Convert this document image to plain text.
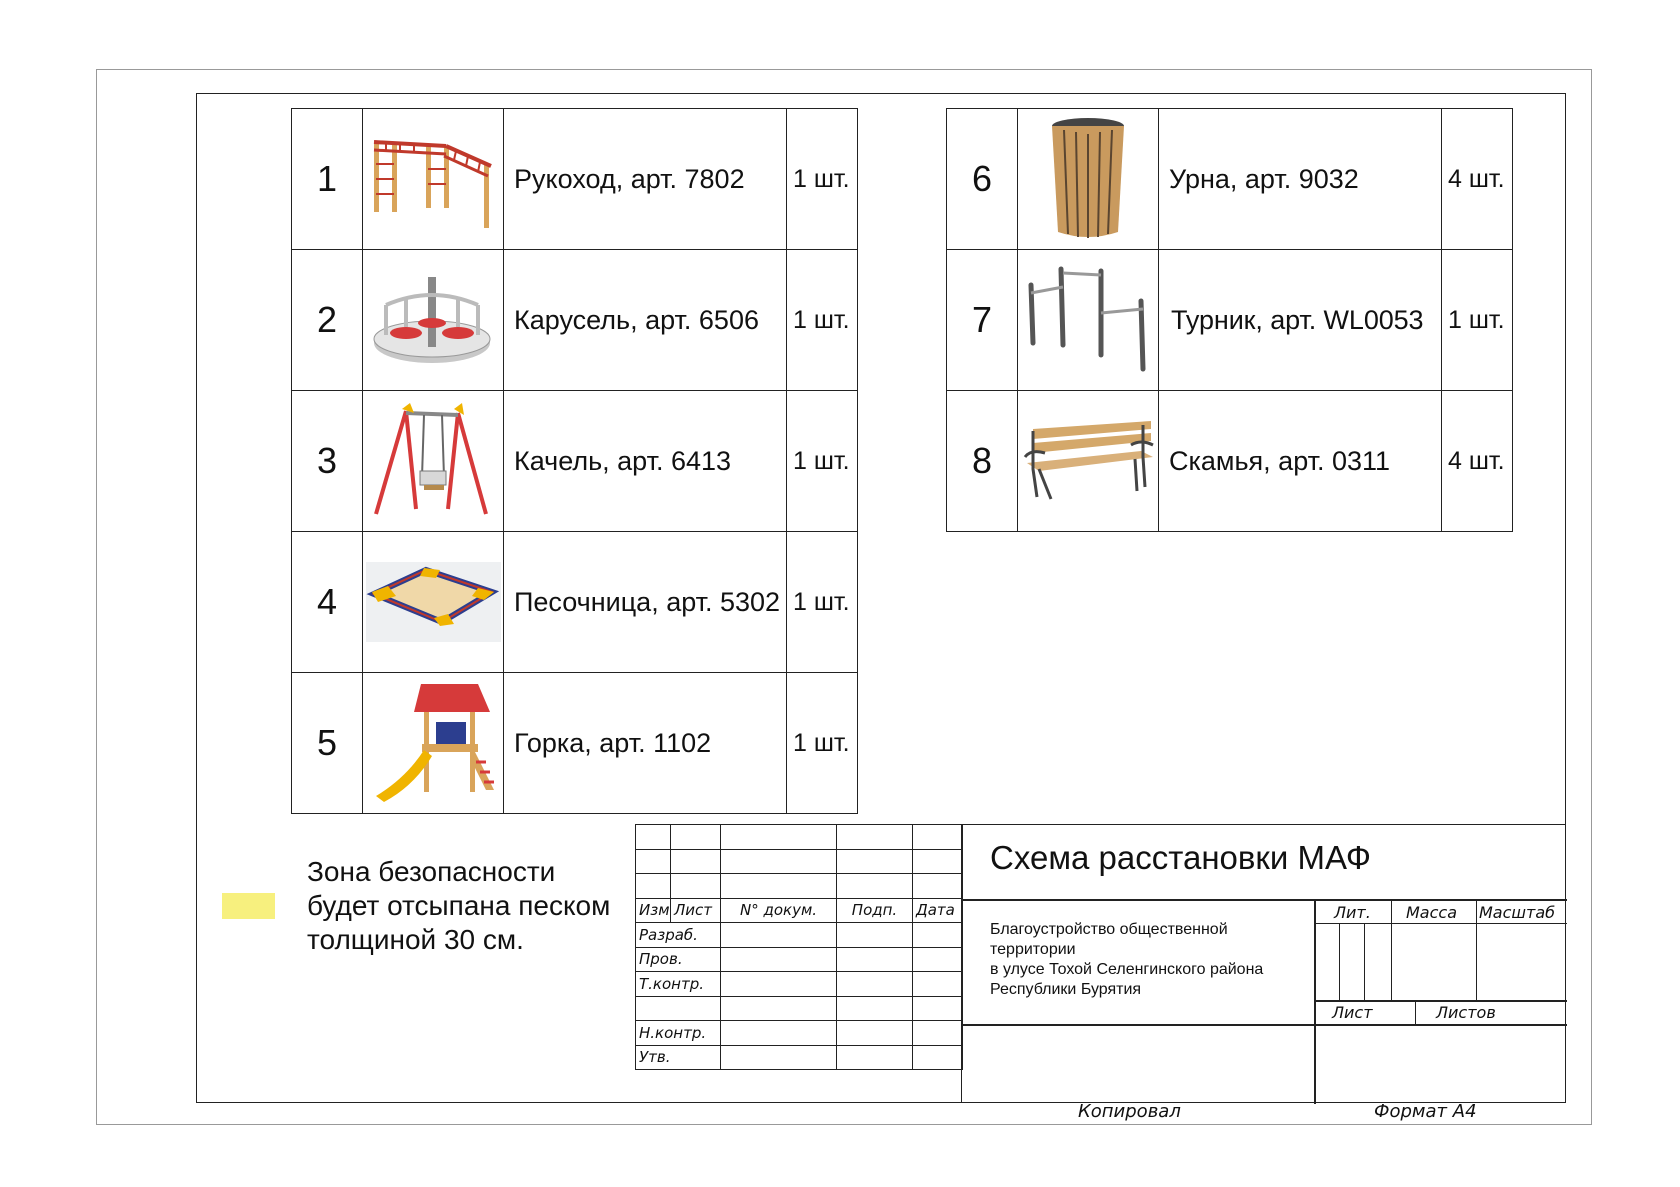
1		Рукоход, арт. 7802	1 шт.
2		Карусель, арт. 6506	1 шт.
3		Качель, арт. 6413	1 шт.
4		Песочница, арт. 5302	1 шт.
5		Горка, арт. 1102	1 шт.
6		Урна, арт. 9032	4 шт.
7		Турник, арт. WL0053	1 шт.
8		Скамья, арт. 0311	4 шт.
Зона безопасности будет отсыпана песком толщиной 30 см.

Изм	Лист	N° докум.	Подп.	Дата
Разраб.				
Пров.				
Т.контр.				

Н.контр.				
Утв.				
Схема расстановки МАФ
Благоустройство общественной
территории
в улусе Тохой Селенгинского района
Республики Бурятия
Лит. Масса Масштаб
Лист	Листов
Копировал	Формат А4
